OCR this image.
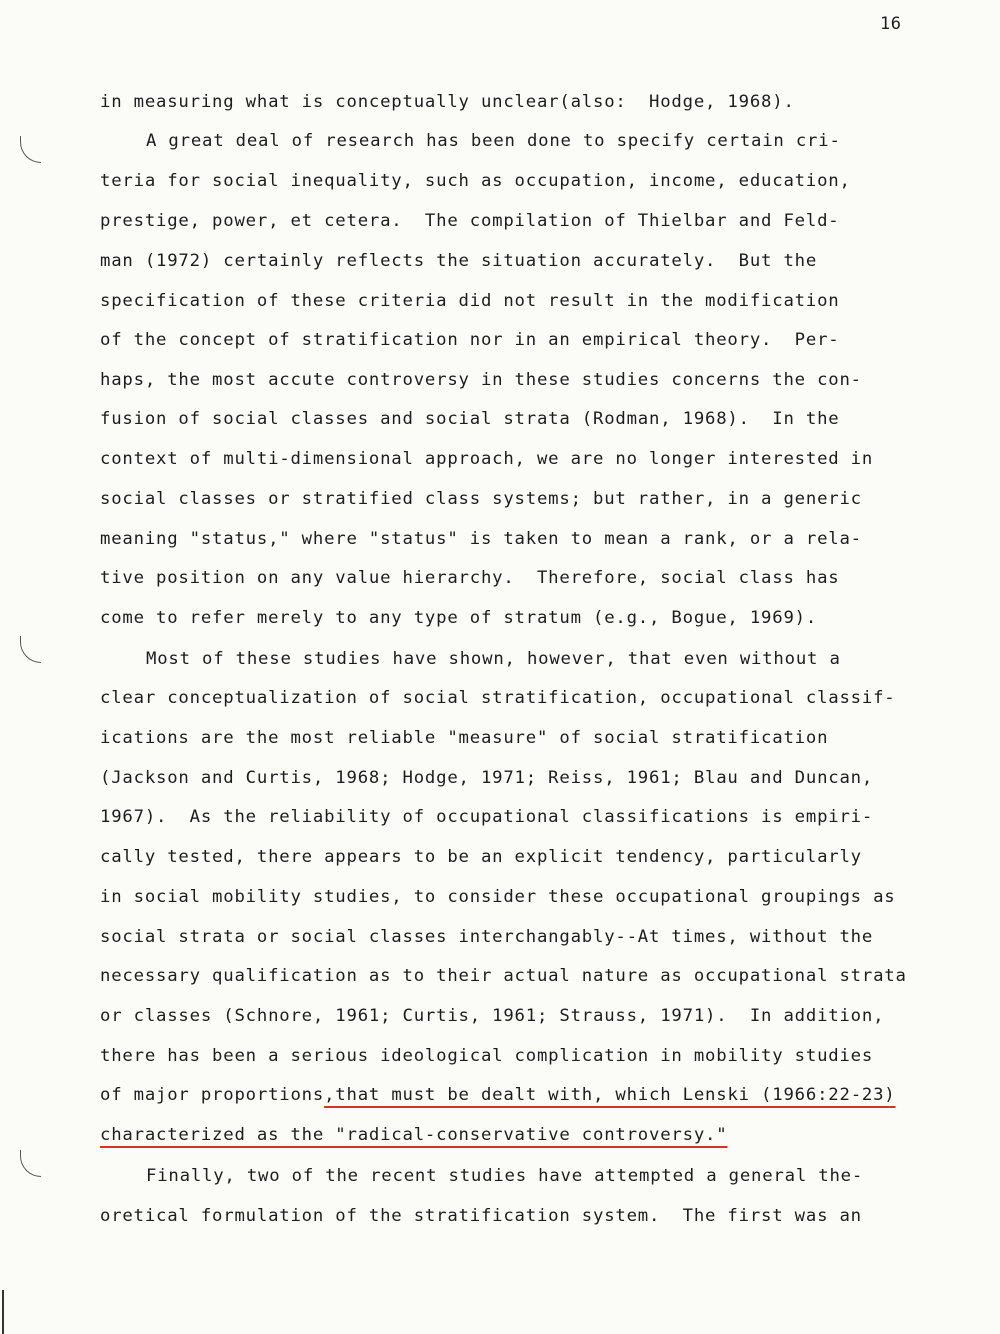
16
in measuring what is conceptually unclear(also:  Hodge, 1968).
A great deal of research has been done to specify certain cri-
teria for social inequality, such as occupation, income, education,
prestige, power, et cetera.  The compilation of Thielbar and Feld-
man (1972) certainly reflects the situation accurately.  But the
specification of these criteria did not result in the modification
of the concept of stratification nor in an empirical theory.  Per-
haps, the most accute controversy in these studies concerns the con-
fusion of social classes and social strata (Rodman, 1968).  In the
context of multi-dimensional approach, we are no longer interested in
social classes or stratified class systems; but rather, in a generic
meaning "status," where "status" is taken to mean a rank, or a rela-
tive position on any value hierarchy.  Therefore, social class has
come to refer merely to any type of stratum (e.g., Bogue, 1969).
Most of these studies have shown, however, that even without a
clear conceptualization of social stratification, occupational classif-
ications are the most reliable "measure" of social stratification
(Jackson and Curtis, 1968; Hodge, 1971; Reiss, 1961; Blau and Duncan,
1967).  As the reliability of occupational classifications is empiri-
cally tested, there appears to be an explicit tendency, particularly
in social mobility studies, to consider these occupational groupings as
social strata or social classes interchangably--At times, without the
necessary qualification as to their actual nature as occupational strata
or classes (Schnore, 1961; Curtis, 1961; Strauss, 1971).  In addition,
there has been a serious ideological complication in mobility studies
of major proportions,that must be dealt with, which Lenski (1966:22-23)
characterized as the "radical-conservative controversy."
Finally, two of the recent studies have attempted a general the-
oretical formulation of the stratification system.  The first was an
